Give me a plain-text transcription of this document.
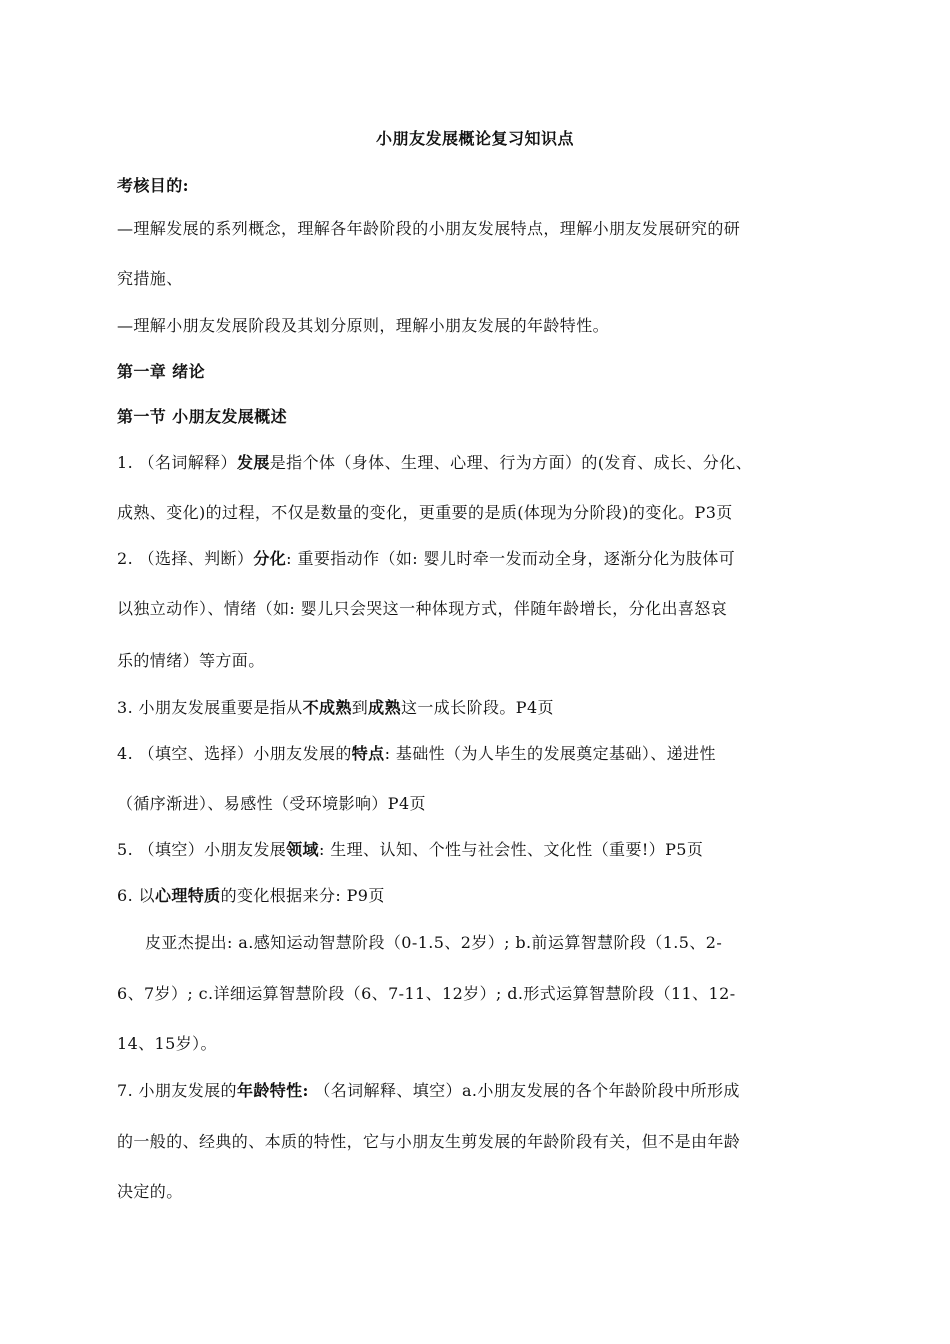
小朋友发展概论复习知识点

考核目的:

—理解发展的系列概念，理解各年龄阶段的小朋友发展特点，理解小朋友发展研究的研

究措施、

—理解小朋友发展阶段及其划分原则，理解小朋友发展的年龄特性。

第一章 绪论

第一节 小朋友发展概述

1. （名词解释）发展是指个体（身体、生理、心理、行为方面）的(发育、成长、分化、

成熟、变化)的过程，不仅是数量的变化，更重要的是质(体现为分阶段)的变化。P3页

2. （选择、判断）分化: 重要指动作（如: 婴儿时牵一发而动全身，逐渐分化为肢体可

以独立动作）、情绪（如: 婴儿只会哭这一种体现方式，伴随年龄增长，分化出喜怒哀

乐的情绪）等方面。

3. 小朋友发展重要是指从不成熟到成熟这一成长阶段。P4页

4. （填空、选择）小朋友发展的特点: 基础性（为人毕生的发展奠定基础）、递进性

（循序渐进）、易感性（受环境影响）P4页

5. （填空）小朋友发展领域: 生理、认知、个性与社会性、文化性（重要!）P5页

6. 以心理特质的变化根据来分: P9页

皮亚杰提出: a.感知运动智慧阶段（0-1.5、2岁）; b.前运算智慧阶段（1.5、2-

6、7岁）; c.详细运算智慧阶段（6、7-11、12岁）; d.形式运算智慧阶段（11、12-

14、15岁）。

7. 小朋友发展的年龄特性: （名词解释、填空）a.小朋友发展的各个年龄阶段中所形成

的一般的、经典的、本质的特性，它与小朋友生剪发展的年龄阶段有关，但不是由年龄

决定的。
